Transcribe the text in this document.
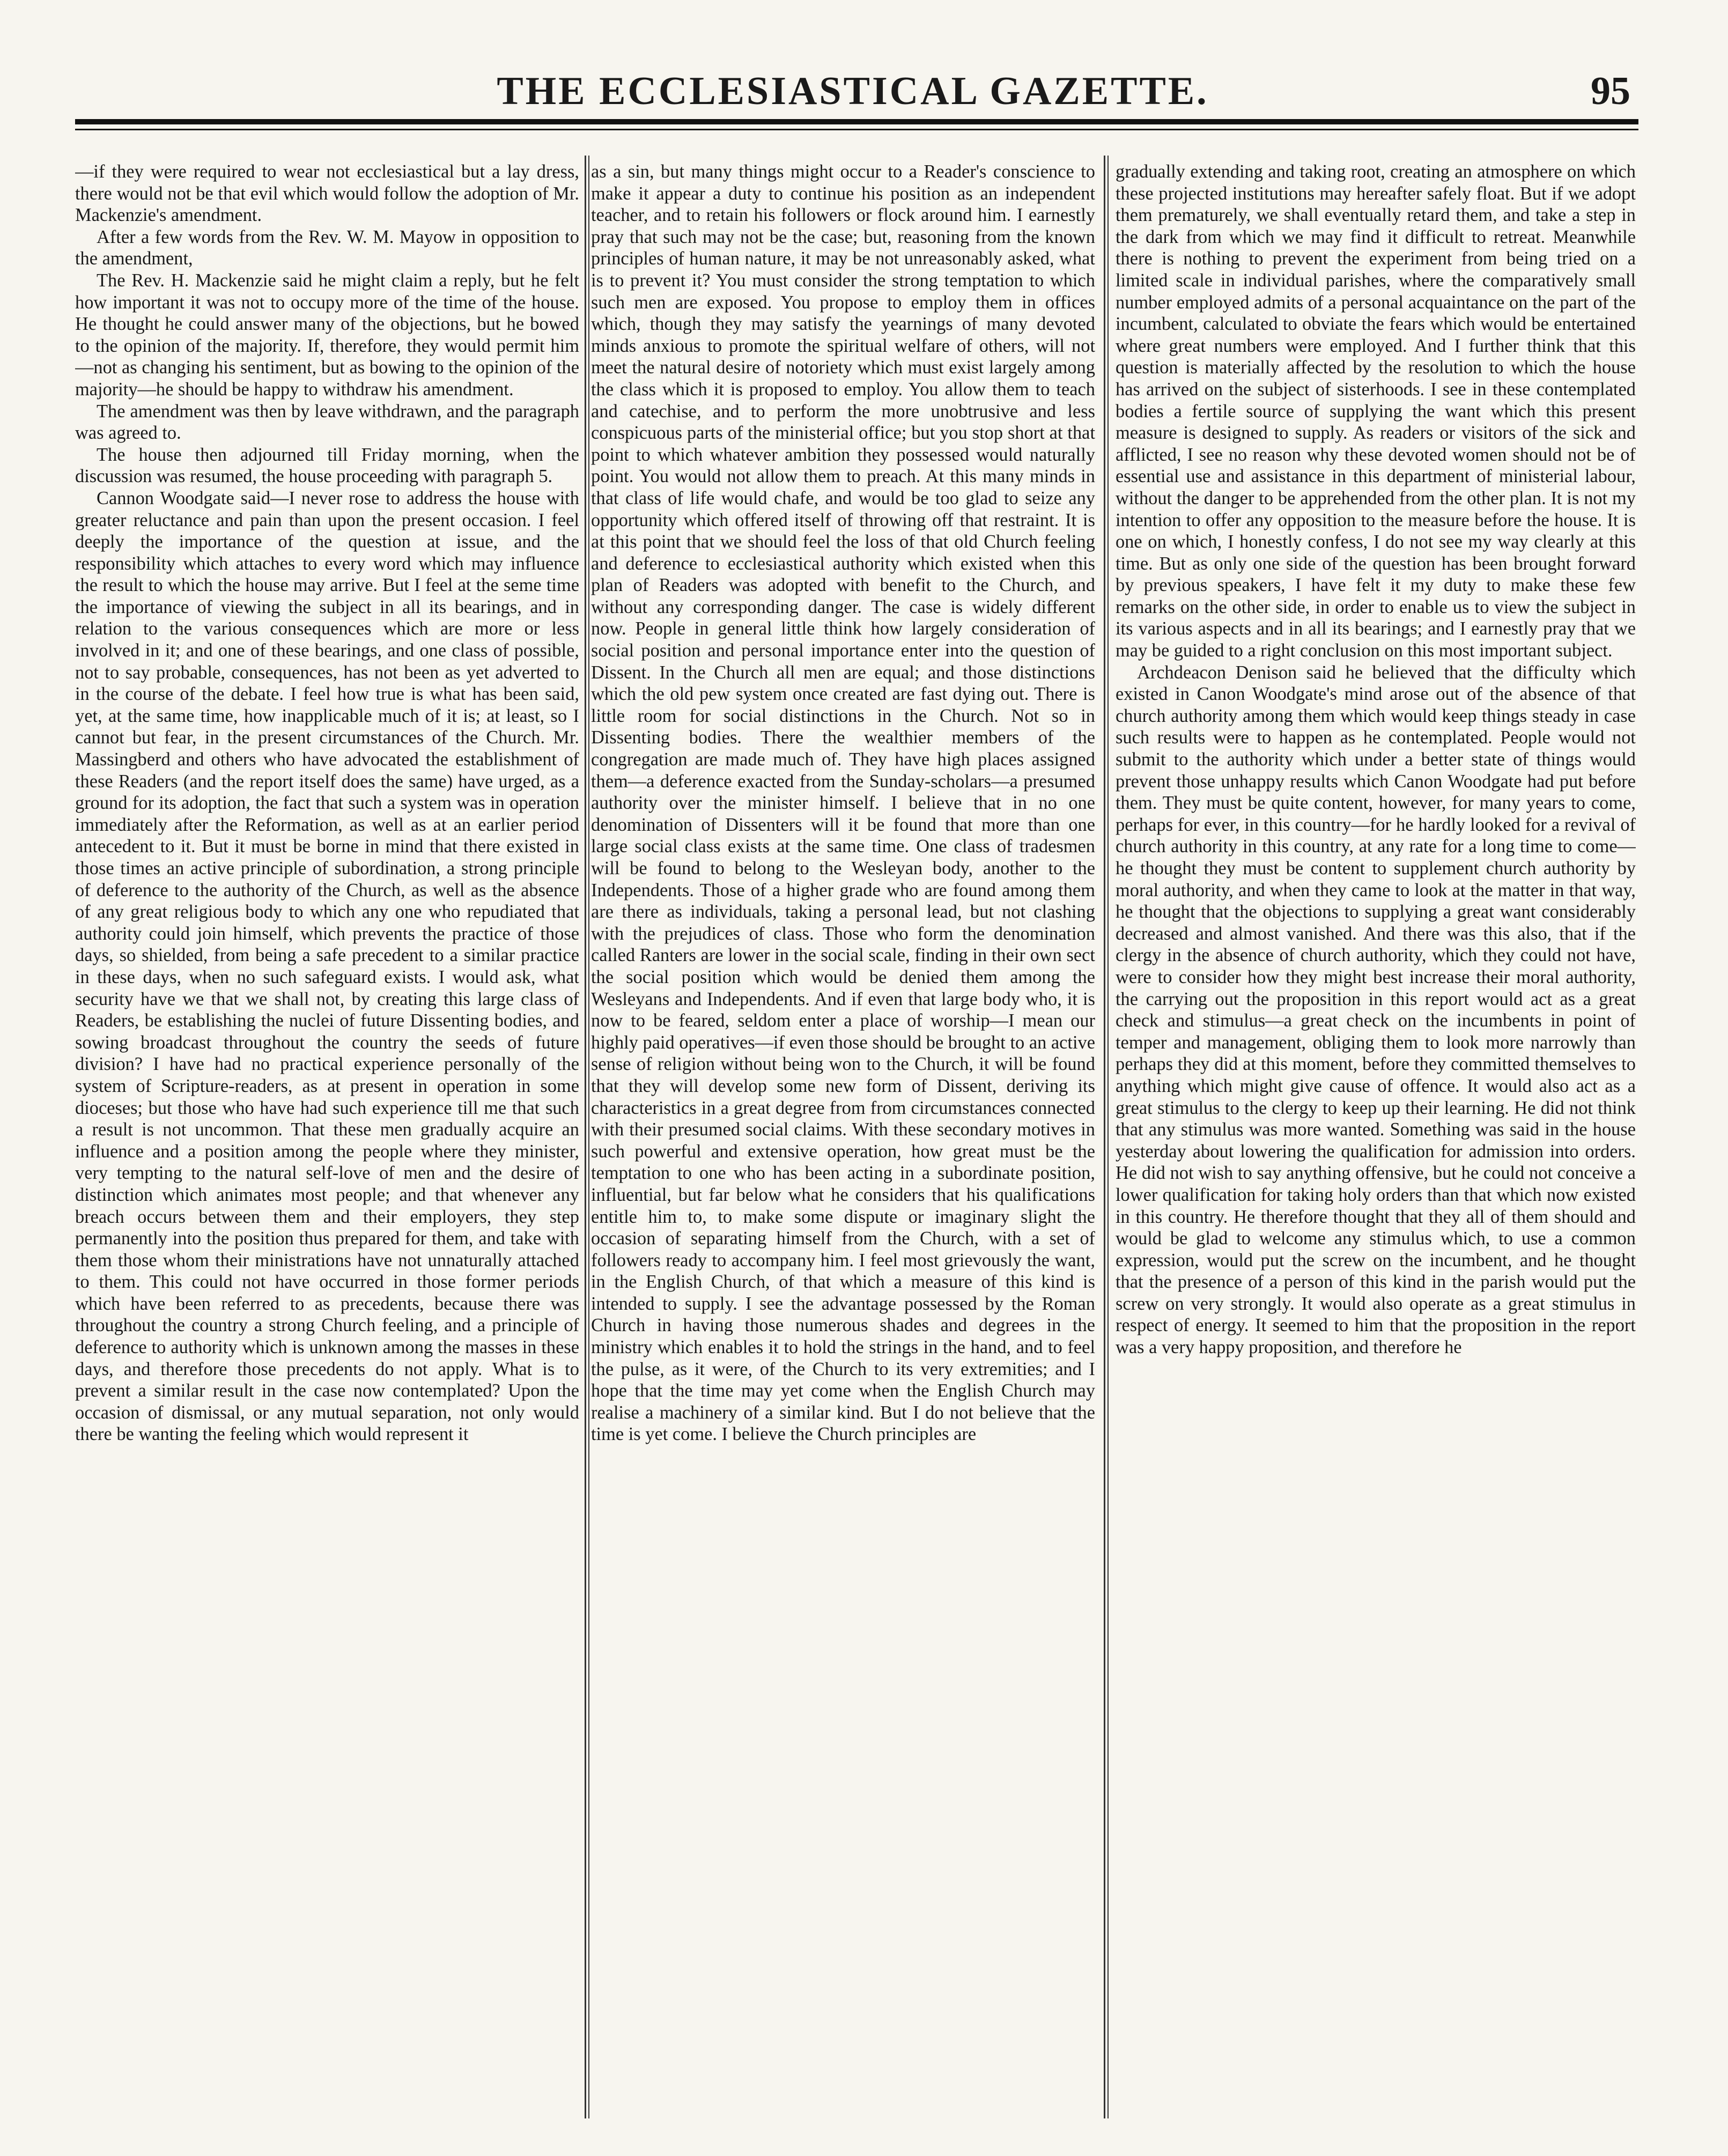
THE ECCLESIASTICAL GAZETTE.	95

—if they were required to wear not ecclesiastical but a lay dress, there would not be that evil which would follow the adoption of Mr. Mackenzie's amendment.

After a few words from the Rev. W. M. Mayow in opposition to the amendment,

The Rev. H. Mackenzie said he might claim a reply, but he felt how important it was not to occupy more of the time of the house. He thought he could answer many of the objections, but he bowed to the opinion of the majority. If, therefore, they would permit him—not as changing his sentiment, but as bowing to the opinion of the majority—he should be happy to withdraw his amendment.

The amendment was then by leave withdrawn, and the paragraph was agreed to.

The house then adjourned till Friday morning, when the discussion was resumed, the house proceeding with paragraph 5.

Cannon Woodgate said—I never rose to address the house with greater reluctance and pain than upon the present occasion. I feel deeply the importance of the question at issue, and the responsibility which attaches to every word which may influence the result to which the house may arrive. But I feel at the seme time the importance of viewing the subject in all its bearings, and in relation to the various consequences which are more or less involved in it; and one of these bearings, and one class of possible, not to say probable, consequences, has not been as yet adverted to in the course of the debate. I feel how true is what has been said, yet, at the same time, how inapplicable much of it is; at least, so I cannot but fear, in the present circumstances of the Church. Mr. Massingberd and others who have advocated the establishment of these Readers (and the report itself does the same) have urged, as a ground for its adoption, the fact that such a system was in operation immediately after the Reformation, as well as at an earlier period antecedent to it. But it must be borne in mind that there existed in those times an active principle of subordination, a strong principle of deference to the authority of the Church, as well as the absence of any great religious body to which any one who repudiated that authority could join himself, which prevents the practice of those days, so shielded, from being a safe precedent to a similar practice in these days, when no such safeguard exists. I would ask, what security have we that we shall not, by creating this large class of Readers, be establishing the nuclei of future Dissenting bodies, and sowing broadcast throughout the country the seeds of future division? I have had no practical experience personally of the system of Scripture-readers, as at present in operation in some dioceses; but those who have had such experience till me that such a result is not uncommon. That these men gradually acquire an influence and a position among the people where they minister, very tempting to the natural self-love of men and the desire of distinction which animates most people; and that whenever any breach occurs between them and their employers, they step permanently into the position thus prepared for them, and take with them those whom their ministrations have not unnaturally attached to them. This could not have occurred in those former periods which have been referred to as precedents, because there was throughout the country a strong Church feeling, and a principle of deference to authority which is unknown among the masses in these days, and therefore those precedents do not apply. What is to prevent a similar result in the case now contemplated? Upon the occasion of dismissal, or any mutual separation, not only would there be wanting the feeling which would represent it

as a sin, but many things might occur to a Reader's conscience to make it appear a duty to continue his position as an independent teacher, and to retain his followers or flock around him. I earnestly pray that such may not be the case; but, reasoning from the known principles of human nature, it may be not unreasonably asked, what is to prevent it? You must consider the strong temptation to which such men are exposed. You propose to employ them in offices which, though they may satisfy the yearnings of many devoted minds anxious to promote the spiritual welfare of others, will not meet the natural desire of notoriety which must exist largely among the class which it is proposed to employ. You allow them to teach and catechise, and to perform the more unobtrusive and less conspicuous parts of the ministerial office; but you stop short at that point to which whatever ambition they possessed would naturally point. You would not allow them to preach. At this many minds in that class of life would chafe, and would be too glad to seize any opportunity which offered itself of throwing off that restraint. It is at this point that we should feel the loss of that old Church feeling and deference to ecclesiastical authority which existed when this plan of Readers was adopted with benefit to the Church, and without any corresponding danger. The case is widely different now. People in general little think how largely consideration of social position and personal importance enter into the question of Dissent. In the Church all men are equal; and those distinctions which the old pew system once created are fast dying out. There is little room for social distinctions in the Church. Not so in Dissenting bodies. There the wealthier members of the congregation are made much of. They have high places assigned them—a deference exacted from the Sunday-scholars—a presumed authority over the minister himself. I believe that in no one denomination of Dissenters will it be found that more than one large social class exists at the same time. One class of tradesmen will be found to belong to the Wesleyan body, another to the Independents. Those of a higher grade who are found among them are there as individuals, taking a personal lead, but not clashing with the prejudices of class. Those who form the denomination called Ranters are lower in the social scale, finding in their own sect the social position which would be denied them among the Wesleyans and Independents. And if even that large body who, it is now to be feared, seldom enter a place of worship—I mean our highly paid operatives—if even those should be brought to an active sense of religion without being won to the Church, it will be found that they will develop some new form of Dissent, deriving its characteristics in a great degree from from circumstances connected with their presumed social claims. With these secondary motives in such powerful and extensive operation, how great must be the temptation to one who has been acting in a subordinate position, influential, but far below what he considers that his qualifications entitle him to, to make some dispute or imaginary slight the occasion of separating himself from the Church, with a set of followers ready to accompany him. I feel most grievously the want, in the English Church, of that which a measure of this kind is intended to supply. I see the advantage possessed by the Roman Church in having those numerous shades and degrees in the ministry which enables it to hold the strings in the hand, and to feel the pulse, as it were, of the Church to its very extremities; and I hope that the time may yet come when the English Church may realise a machinery of a similar kind. But I do not believe that the time is yet come. I believe the Church principles are

gradually extending and taking root, creating an atmosphere on which these projected institutions may hereafter safely float. But if we adopt them prematurely, we shall eventually retard them, and take a step in the dark from which we may find it difficult to retreat. Meanwhile there is nothing to prevent the experiment from being tried on a limited scale in individual parishes, where the comparatively small number employed admits of a personal acquaintance on the part of the incumbent, calculated to obviate the fears which would be entertained where great numbers were employed. And I further think that this question is materially affected by the resolution to which the house has arrived on the subject of sisterhoods. I see in these contemplated bodies a fertile source of supplying the want which this present measure is designed to supply. As readers or visitors of the sick and afflicted, I see no reason why these devoted women should not be of essential use and assistance in this department of ministerial labour, without the danger to be apprehended from the other plan. It is not my intention to offer any opposition to the measure before the house. It is one on which, I honestly confess, I do not see my way clearly at this time. But as only one side of the question has been brought forward by previous speakers, I have felt it my duty to make these few remarks on the other side, in order to enable us to view the subject in its various aspects and in all its bearings; and I earnestly pray that we may be guided to a right conclusion on this most important subject.

Archdeacon Denison said he believed that the difficulty which existed in Canon Woodgate's mind arose out of the absence of that church authority among them which would keep things steady in case such results were to happen as he contemplated. People would not submit to the authority which under a better state of things would prevent those unhappy results which Canon Woodgate had put before them. They must be quite content, however, for many years to come, perhaps for ever, in this country—for he hardly looked for a revival of church authority in this country, at any rate for a long time to come—he thought they must be content to supplement church authority by moral authority, and when they came to look at the matter in that way, he thought that the objections to supplying a great want considerably decreased and almost vanished. And there was this also, that if the clergy in the absence of church authority, which they could not have, were to consider how they might best increase their moral authority, the carrying out the proposition in this report would act as a great check and stimulus—a great check on the incumbents in point of temper and management, obliging them to look more narrowly than perhaps they did at this moment, before they committed themselves to anything which might give cause of offence. It would also act as a great stimulus to the clergy to keep up their learning. He did not think that any stimulus was more wanted. Something was said in the house yesterday about lowering the qualification for admission into orders. He did not wish to say anything offensive, but he could not conceive a lower qualification for taking holy orders than that which now existed in this country. He therefore thought that they all of them should and would be glad to welcome any stimulus which, to use a common expression, would put the screw on the incumbent, and he thought that the presence of a person of this kind in the parish would put the screw on very strongly. It would also operate as a great stimulus in respect of energy. It seemed to him that the proposition in the report was a very happy proposition, and therefore he
